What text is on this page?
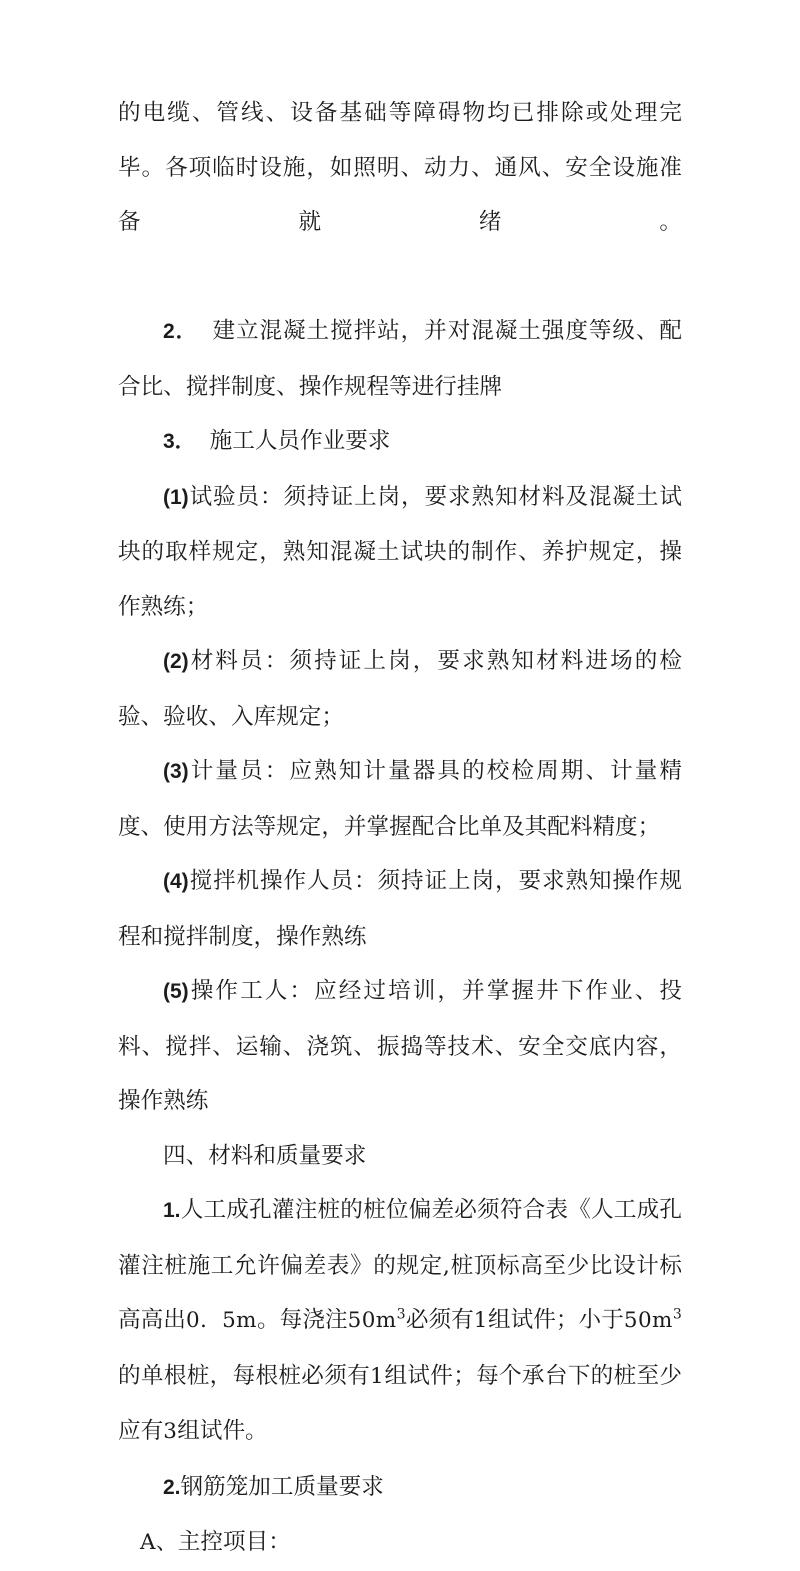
的电缆、管线、设备基础等障碍物均已排除或处理完毕。各项临时设施，如照明、动力、通风、安全设施准备就绪。

2． 建立混凝土搅拌站，并对混凝土强度等级、配合比、搅拌制度、操作规程等进行挂牌

3． 施工人员作业要求

(1)试验员：须持证上岗，要求熟知材料及混凝土试块的取样规定，熟知混凝土试块的制作、养护规定，操作熟练；

(2)材料员：须持证上岗，要求熟知材料进场的检验、验收、入库规定；

(3)计量员：应熟知计量器具的校检周期、计量精度、使用方法等规定，并掌握配合比单及其配料精度；

(4)搅拌机操作人员：须持证上岗，要求熟知操作规程和搅拌制度，操作熟练

(5)操作工人：应经过培训，并掌握井下作业、投料、搅拌、运输、浇筑、振捣等技术、安全交底内容，操作熟练

四、材料和质量要求

1.人工成孔灌注桩的桩位偏差必须符合表《人工成孔灌注桩施工允许偏差表》的规定,桩顶标高至少比设计标高高出0．5m。每浇注$50m^3$必须有1组试件；小于$50m^3$的单根桩，每根桩必须有1组试件；每个承台下的桩至少应有3组试件。

2.钢筋笼加工质量要求

A、主控项目：
